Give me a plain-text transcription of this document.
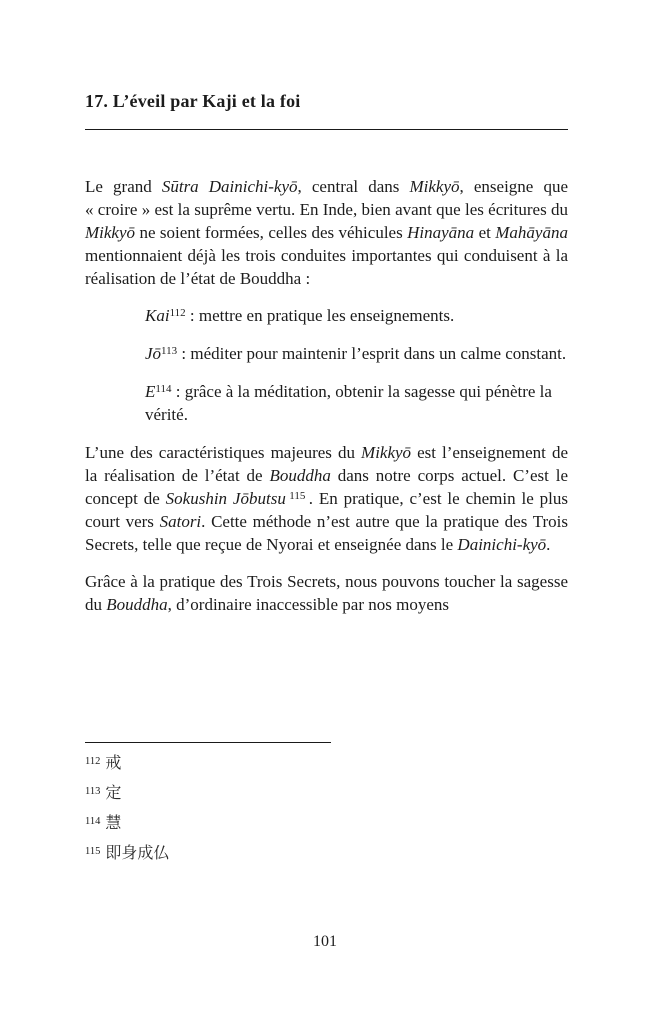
17. L’éveil par Kaji et la foi

Le grand Sūtra Dainichi-kyō, central dans Mikkyō, enseigne que « croire » est la suprême vertu. En Inde, bien avant que les écritures du Mikkyō ne soient formées, celles des véhicules Hinayāna et Mahāyāna mentionnaient déjà les trois conduites importantes qui conduisent à la réalisation de l’état de Bouddha :

Kai$^{112}$ : mettre en pratique les enseignements.

$Jō^{113}$ : méditer pour maintenir l’esprit dans un calme constant.

$E^{114}$ : grâce à la méditation, obtenir la sagesse qui pénètre la vérité.

L’une des caractéristiques majeures du Mikkyō est l’enseignement de la réalisation de l’état de Bouddha dans notre corps actuel. C’est le concept de Sokushin Jōbutsu  $^{115}$ . En pratique, c’est le chemin le plus court vers Satori. Cette méthode n’est autre que la pratique des Trois Secrets, telle que reçue de Nyorai et enseignée dans le Dainichi-kyō.

Grâce à la pratique des Trois Secrets, nous pouvons toucher la sagesse du Bouddha, d’ordinaire inaccessible par nos moyens

$^{112}$ 戒
$^{113}$ 定
$^{114}$ 慧
$^{115}$ 即身成仏
101
